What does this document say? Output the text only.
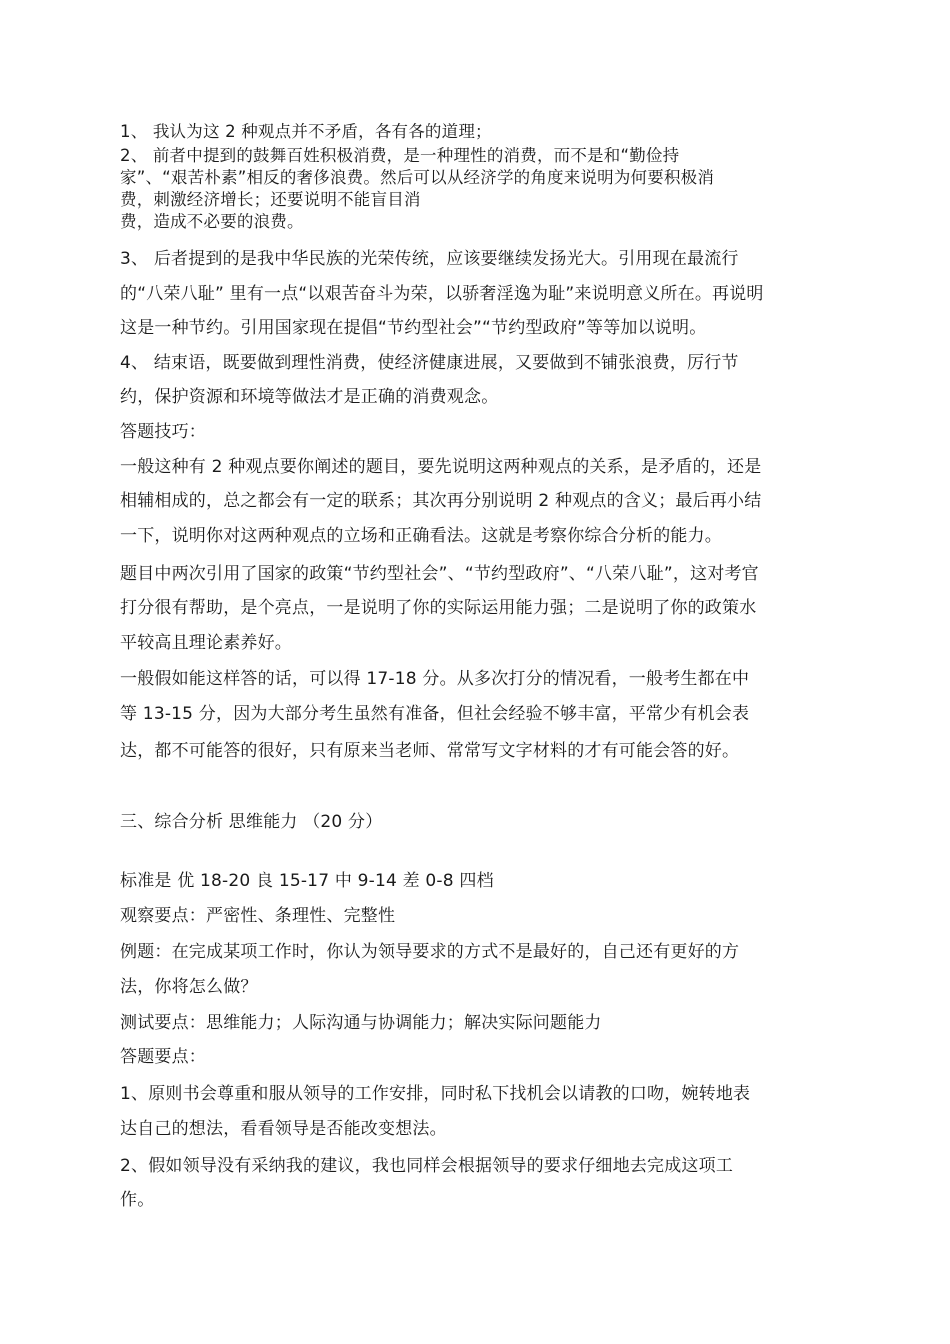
1、 我认为这 2 种观点并不矛盾，各有各的道理；
2、 前者中提到的鼓舞百姓积极消费，是一种理性的消费，而不是和“勤俭持
家”、“艰苦朴素”相反的奢侈浪费。然后可以从经济学的角度来说明为何要积极消
费，刺激经济增长；还要说明不能盲目消
费，造成不必要的浪费。
3、 后者提到的是我中华民族的光荣传统，应该要继续发扬光大。引用现在最流行
的“八荣八耻” 里有一点“以艰苦奋斗为荣，以骄奢淫逸为耻”来说明意义所在。再说明
这是一种节约。引用国家现在提倡“节约型社会”“节约型政府”等等加以说明。
4、 结束语，既要做到理性消费，使经济健康进展，又要做到不铺张浪费，厉行节
约，保护资源和环境等做法才是正确的消费观念。
答题技巧：
一般这种有 2 种观点要你阐述的题目，要先说明这两种观点的关系，是矛盾的，还是
相辅相成的，总之都会有一定的联系；其次再分别说明 2 种观点的含义；最后再小结
一下，说明你对这两种观点的立场和正确看法。这就是考察你综合分析的能力。
题目中两次引用了国家的政策“节约型社会”、“节约型政府”、“八荣八耻”，这对考官
打分很有帮助，是个亮点，一是说明了你的实际运用能力强；二是说明了你的政策水
平较高且理论素养好。
一般假如能这样答的话，可以得 17-18 分。从多次打分的情况看，一般考生都在中
等 13-15 分，因为大部分考生虽然有准备，但社会经验不够丰富，平常少有机会表
达，都不可能答的很好，只有原来当老师、常常写文字材料的才有可能会答的好。
三、综合分析 思维能力 （20 分）
标准是 优 18-20 良 15-17 中 9-14 差 0-8 四档
观察要点：严密性、条理性、完整性
例题：在完成某项工作时，你认为领导要求的方式不是最好的，自己还有更好的方
法，你将怎么做？
测试要点：思维能力；人际沟通与协调能力；解决实际问题能力
答题要点：
1、原则书会尊重和服从领导的工作安排，同时私下找机会以请教的口吻，婉转地表
达自己的想法，看看领导是否能改变想法。
2、假如领导没有采纳我的建议，我也同样会根据领导的要求仔细地去完成这项工
作。
